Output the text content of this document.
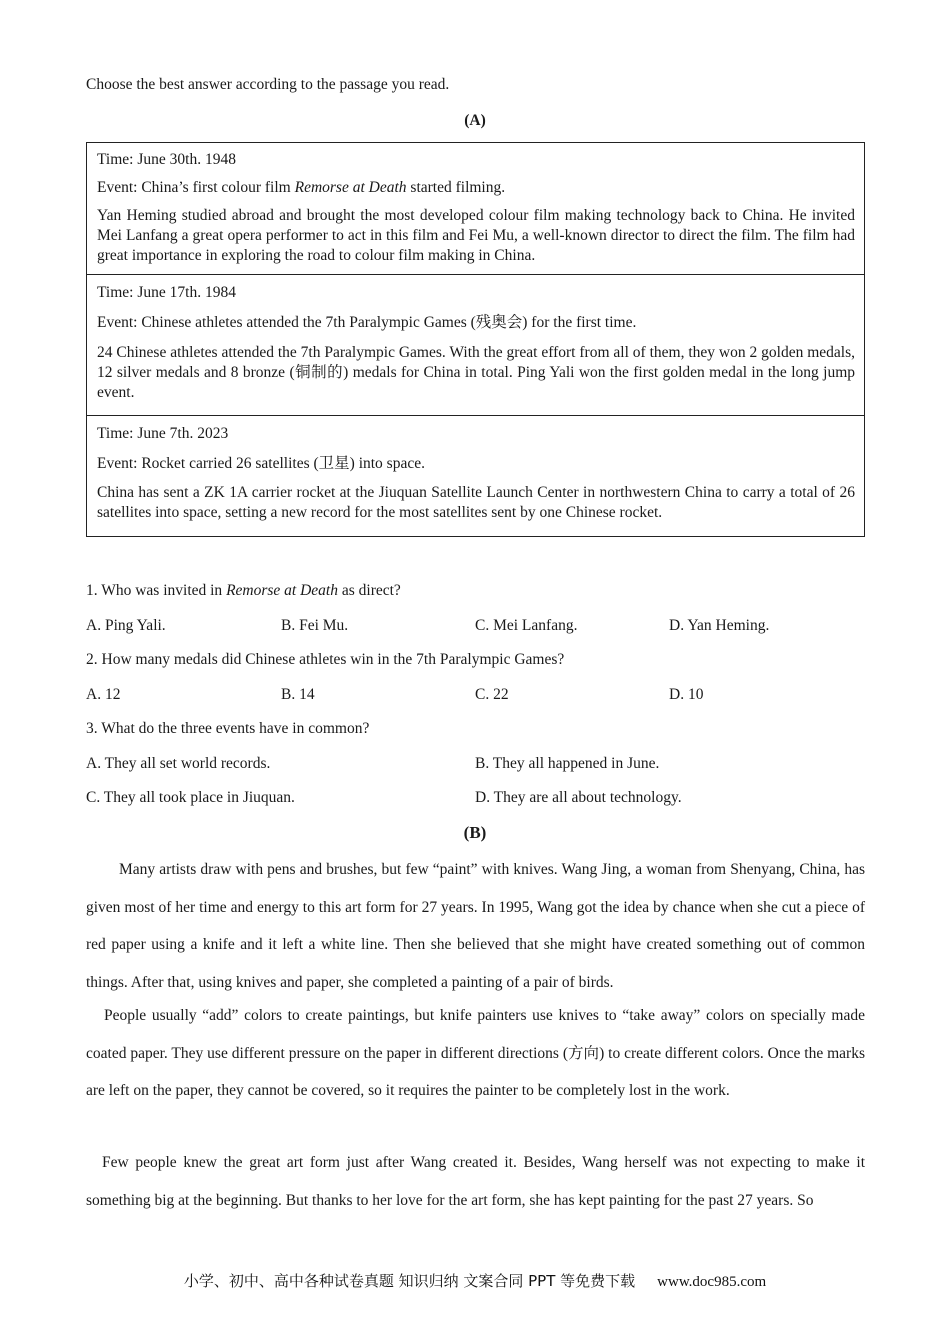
Choose the best answer according to the passage you read.
(A)

Time: June 30th. 1948

Event: China’s first colour film Remorse at Death started filming.

Yan Heming studied abroad and brought the most developed colour film making technology back to China. He invited Mei Lanfang a great opera performer to act in this film and Fei Mu, a well-known director to direct the film. The film had great importance in exploring the road to colour film making in China.

Time: June 17th. 1984

Event: Chinese athletes attended the 7th Paralympic Games (残奥会) for the first time.

24 Chinese athletes attended the 7th Paralympic Games. With the great effort from all of them, they won 2 golden medals, 12 silver medals and 8 bronze (铜制的) medals for China in total. Ping Yali won the first golden medal in the long jump event.

Time: June 7th. 2023

Event: Rocket carried 26 satellites (卫星) into space.

China has sent a ZK 1A carrier rocket at the Jiuquan Satellite Launch Center in northwestern China to carry a total of 26 satellites into space, setting a new record for the most satellites sent by one Chinese rocket.

1. Who was invited in Remorse at Death as direct?
A. Ping Yali.	B. Fei Mu.	C. Mei Lanfang.	D. Yan Heming.
2. How many medals did Chinese athletes win in the 7th Paralympic Games?
A. 12	B. 14	C. 22	D. 10
3. What do the three events have in common?
A. They all set world records.	B. They all happened in June.
C. They all took place in Jiuquan.	D. They are all about technology.
(B)

Many artists draw with pens and brushes, but few “paint” with knives. Wang Jing, a woman from Shenyang, China, has given most of her time and energy to this art form for 27 years. In 1995, Wang got the idea by chance when she cut a piece of red paper using a knife and it left a white line. Then she believed that she might have created something out of common things. After that, using knives and paper, she completed a painting of a pair of birds.

People usually “add” colors to create paintings, but knife painters use knives to “take away” colors on specially made coated paper. They use different pressure on the paper in different directions (方向) to create different colors. Once the marks are left on the paper, they cannot be covered, so it requires the painter to be completely lost in the work.

Few people knew the great art form just after Wang created it. Besides, Wang herself was not expecting to make it something big at the beginning. But thanks to her love for the art form, she has kept painting for the past 27 years. So

小学、初中、高中各种试卷真题 知识归纳 文案合同 PPT 等免费下载 www.doc985.com
